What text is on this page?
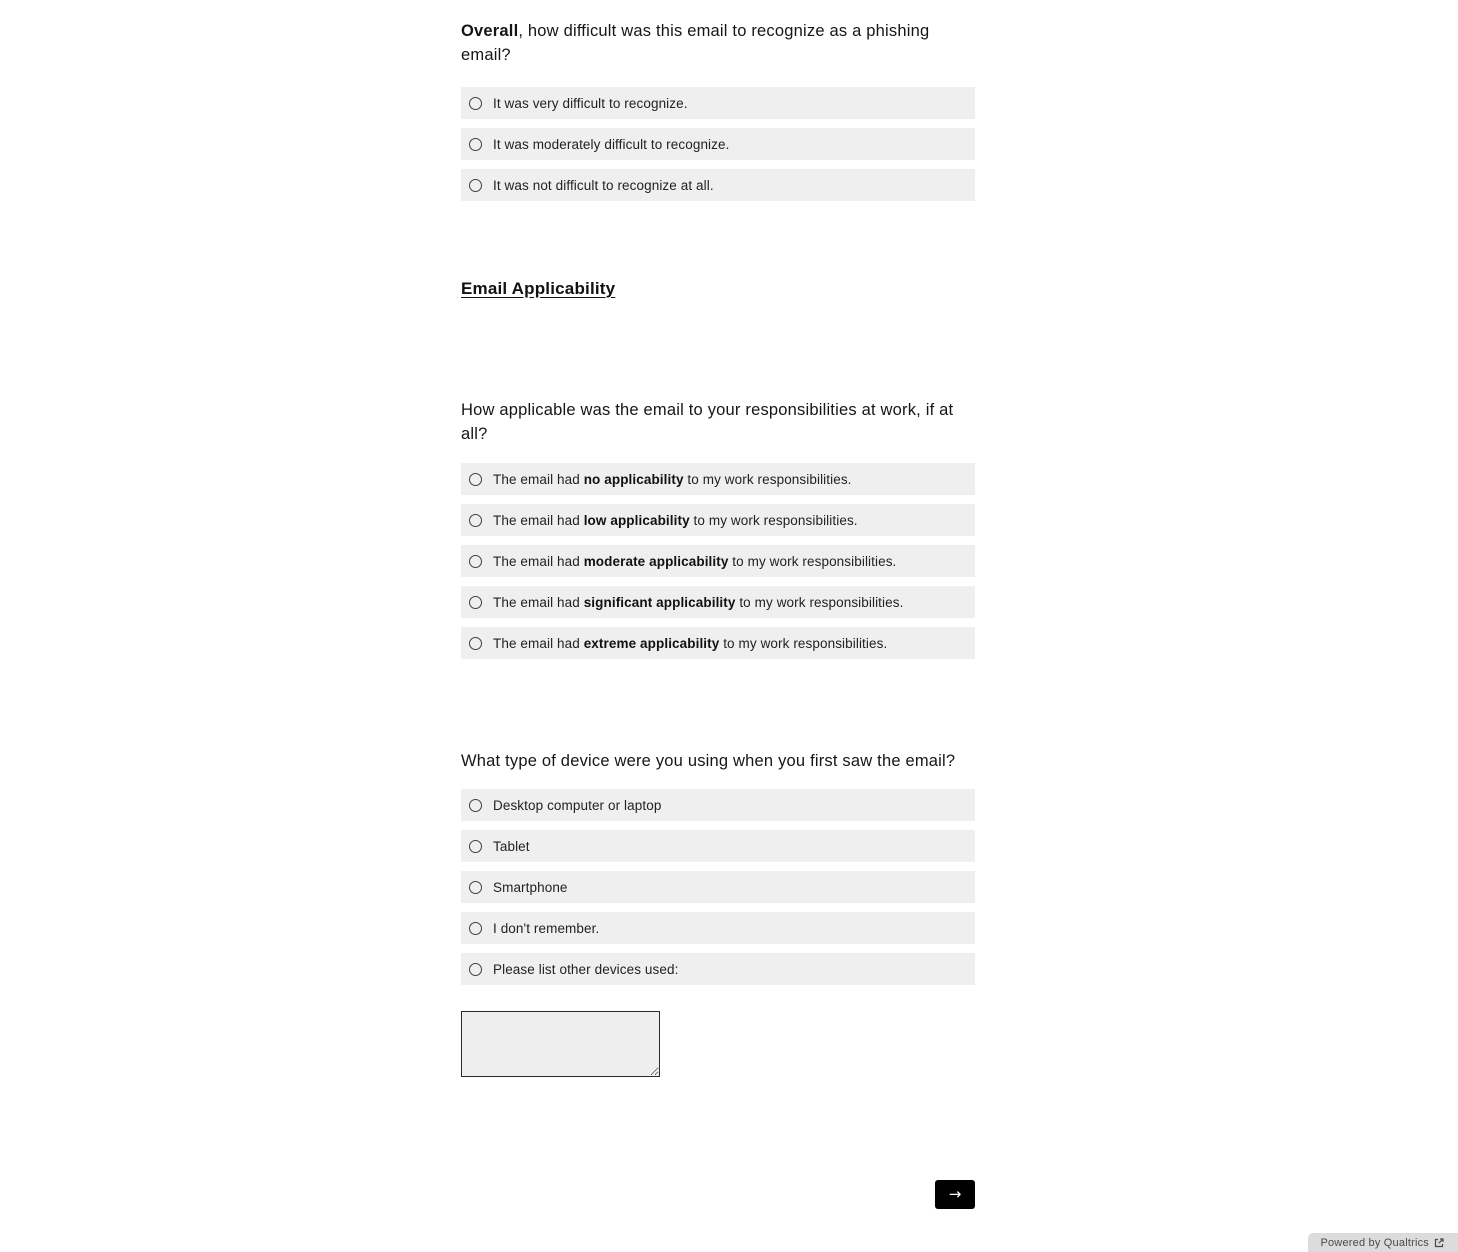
Overall, how difficult was this email to recognize as a phishing email?
It was very difficult to recognize.
It was moderately difficult to recognize.
It was not difficult to recognize at all.
Email Applicability
How applicable was the email to your responsibilities at work, if at all?
The email had no applicability to my work responsibilities.
The email had low applicability to my work responsibilities.
The email had moderate applicability to my work responsibilities.
The email had significant applicability to my work responsibilities.
The email had extreme applicability to my work responsibilities.
What type of device were you using when you first saw the email?
Desktop computer or laptop
Tablet
Smartphone
I don't remember.
Please list other devices used:
→
Powered by Qualtrics
